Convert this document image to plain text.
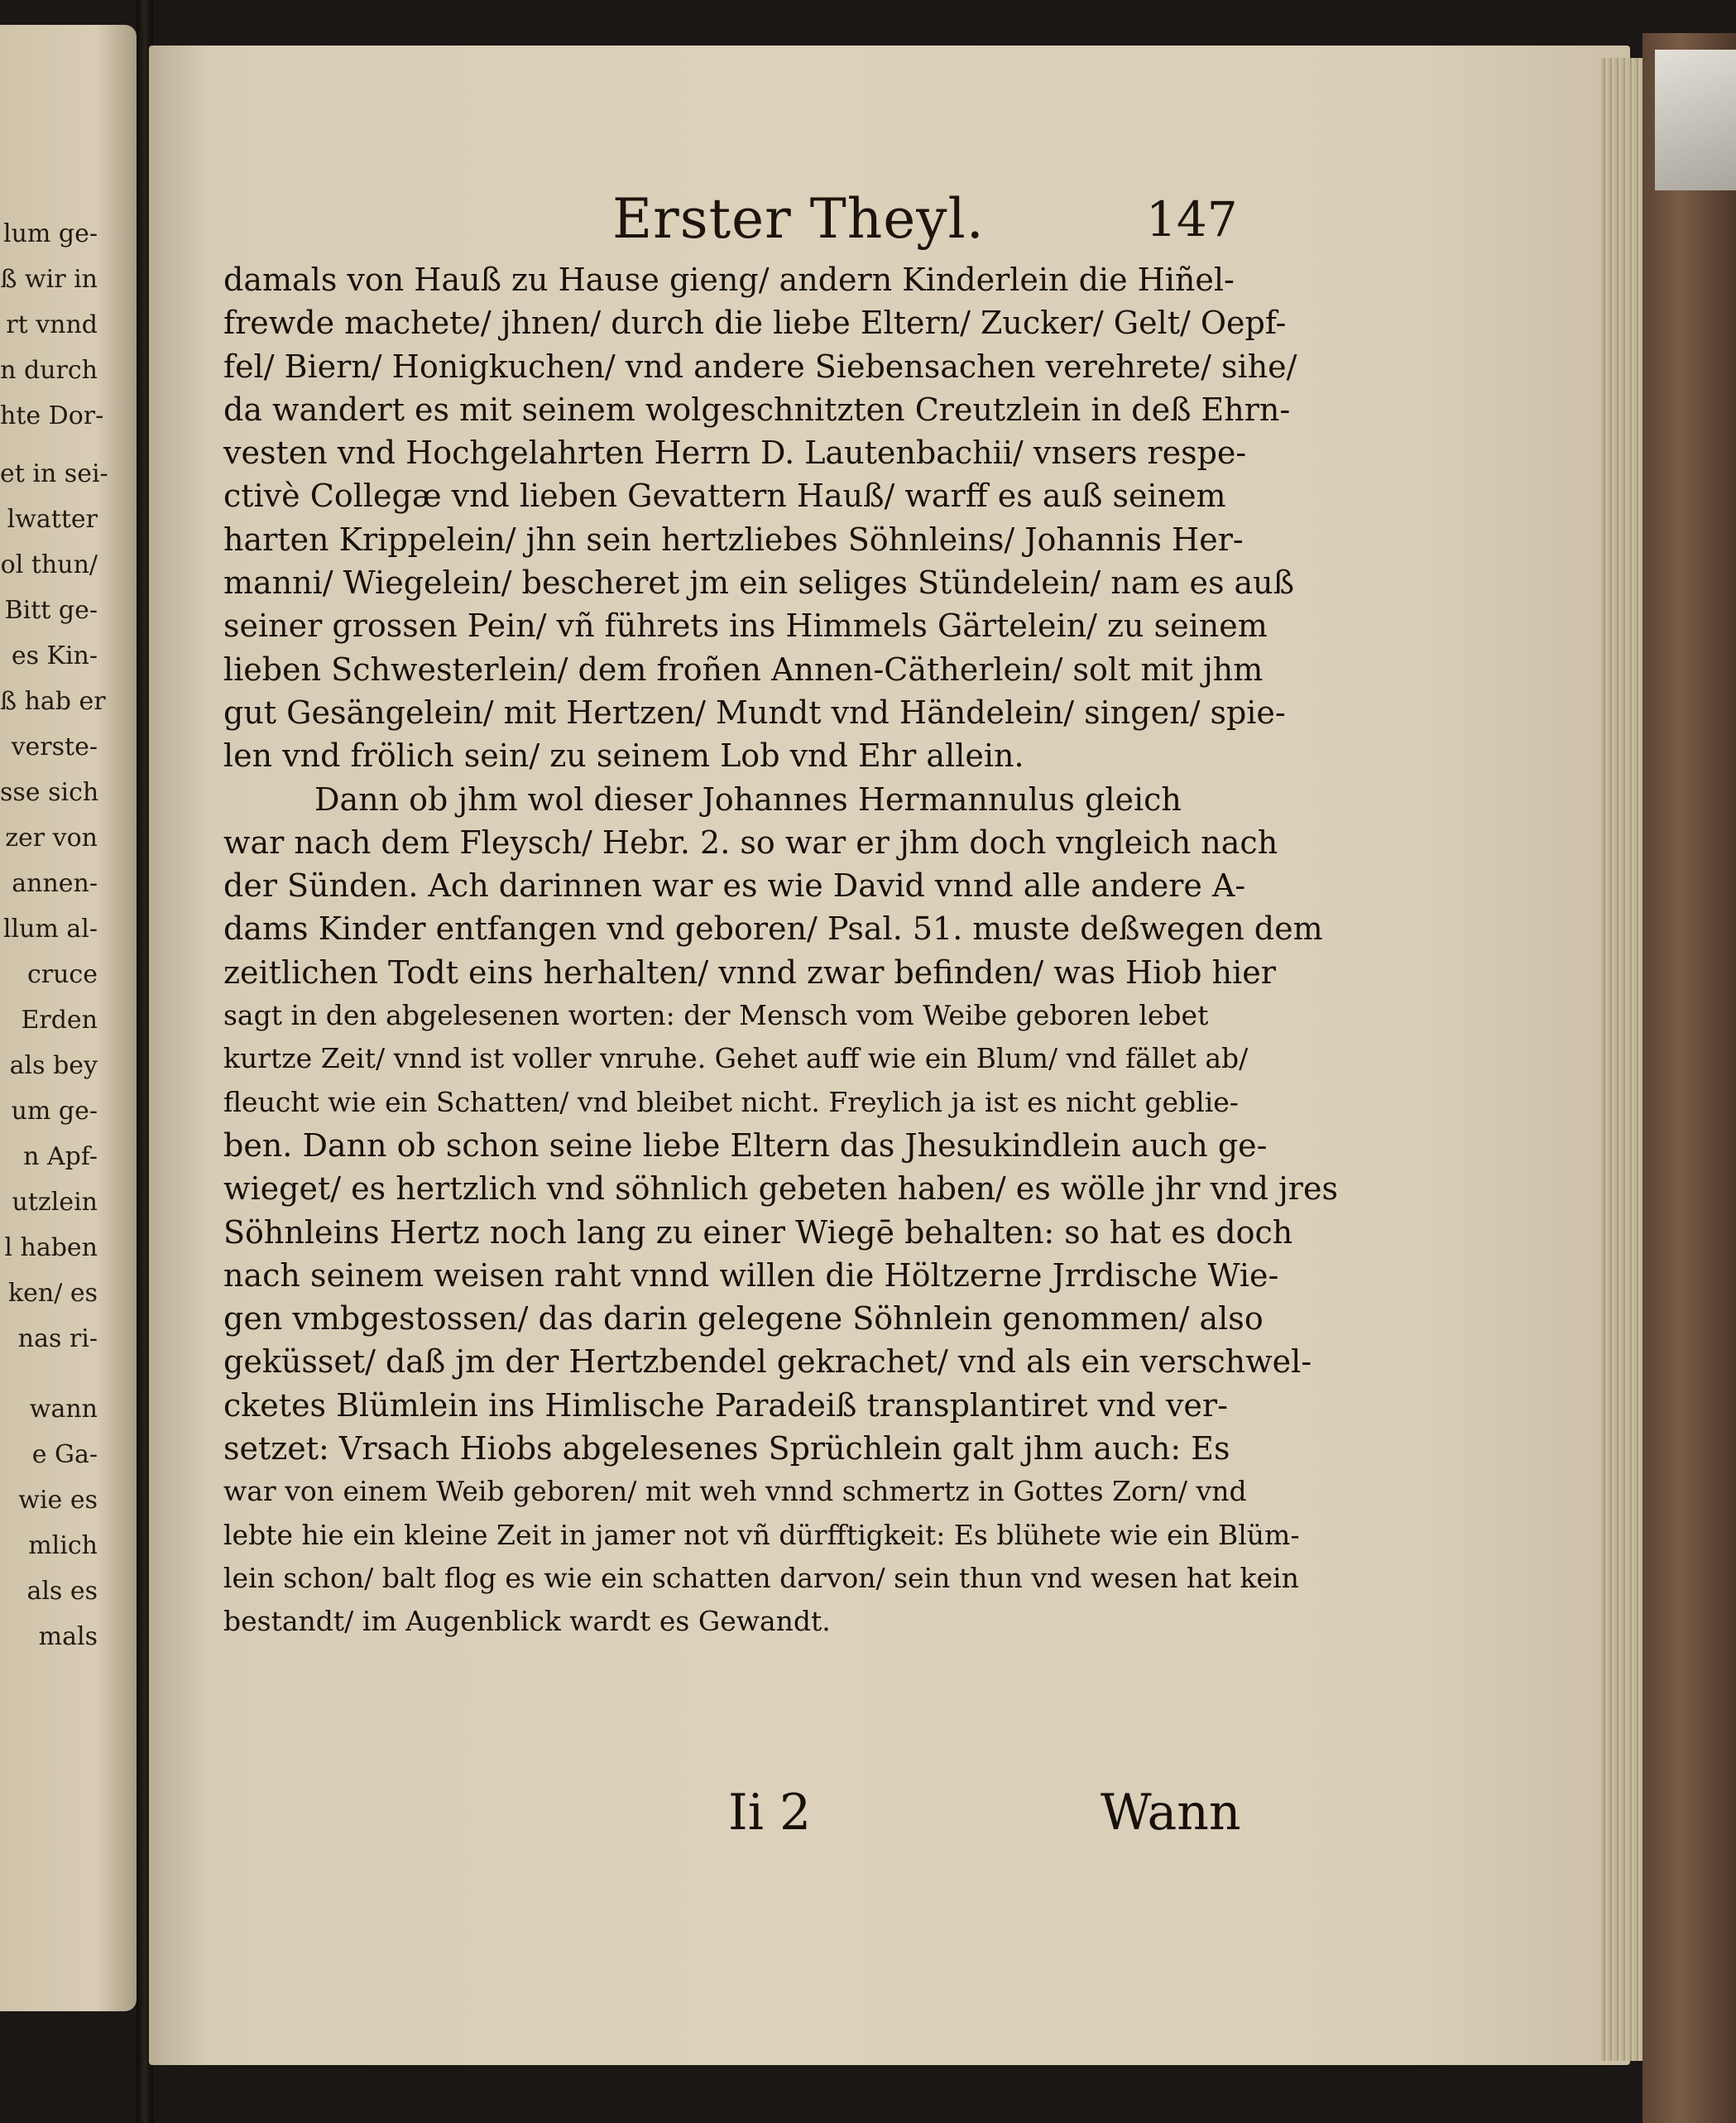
lum ge-
ß wir in
rt vnnd
n durch
hte Dor-
et in sei-
lwatter
ol thun/
Bitt ge-
es Kin-
ß hab er
verste-
sse sich
zer von
annen-
llum al-
cruce
Erden
als bey
um ge-
n Apf-
utzlein
l haben
ken/ es
nas ri-
wann
e Ga-
wie es
mlich
als es
mals
Erster Theyl.	147
damals von Hauß zu Hause gieng/ andern Kinderlein die Hiñel-
frewde machete/ jhnen/ durch die liebe Eltern/ Zucker/ Gelt/ Oepf-
fel/ Biern/ Honigkuchen/ vnd andere Siebensachen verehrete/ sihe/
da wandert es mit seinem wolgeschnitzten Creutzlein in deß Ehrn-
vesten vnd Hochgelahrten Herrn D. Lautenbachii/ vnsers respe-
ctivè Collegæ vnd lieben Gevattern Hauß/ warff es auß seinem
harten Krippelein/ jhn sein hertzliebes Söhnleins/ Johannis Her-
manni/ Wiegelein/ bescheret jm ein seliges Stündelein/ nam es auß
seiner grossen Pein/ vñ führets ins Himmels Gärtelein/ zu seinem
lieben Schwesterlein/ dem froñen Annen-Cätherlein/ solt mit jhm
gut Gesängelein/ mit Hertzen/ Mundt vnd Händelein/ singen/ spie-
len vnd frölich sein/ zu seinem Lob vnd Ehr allein.
Dann ob jhm wol dieser Johannes Hermannulus gleich
war nach dem Fleysch/ Hebr. 2. so war er jhm doch vngleich nach
der Sünden. Ach darinnen war es wie David vnnd alle andere A-
dams Kinder entfangen vnd geboren/ Psal. 51. muste deßwegen dem
zeitlichen Todt eins herhalten/ vnnd zwar befinden/ was Hiob hier
sagt in den abgelesenen worten: der Mensch vom Weibe geboren lebet
kurtze Zeit/ vnnd ist voller vnruhe. Gehet auff wie ein Blum/ vnd fället ab/
fleucht wie ein Schatten/ vnd bleibet nicht. Freylich ja ist es nicht geblie-
ben. Dann ob schon seine liebe Eltern das Jhesukindlein auch ge-
wieget/ es hertzlich vnd söhnlich gebeten haben/ es wölle jhr vnd jres
Söhnleins Hertz noch lang zu einer Wiegē behalten: so hat es doch
nach seinem weisen raht vnnd willen die Höltzerne Jrrdische Wie-
gen vmbgestossen/ das darin gelegene Söhnlein genommen/ also
geküsset/ daß jm der Hertzbendel gekrachet/ vnd als ein verschwel-
cketes Blümlein ins Himlische Paradeiß transplantiret vnd ver-
setzet: Vrsach Hiobs abgelesenes Sprüchlein galt jhm auch: Es
war von einem Weib geboren/ mit weh vnnd schmertz in Gottes Zorn/ vnd
lebte hie ein kleine Zeit in jamer not vñ dürfftigkeit: Es blühete wie ein Blüm-
lein schon/ balt flog es wie ein schatten darvon/ sein thun vnd wesen hat kein
bestandt/ im Augenblick wardt es Gewandt.
Ii 2	Wann
